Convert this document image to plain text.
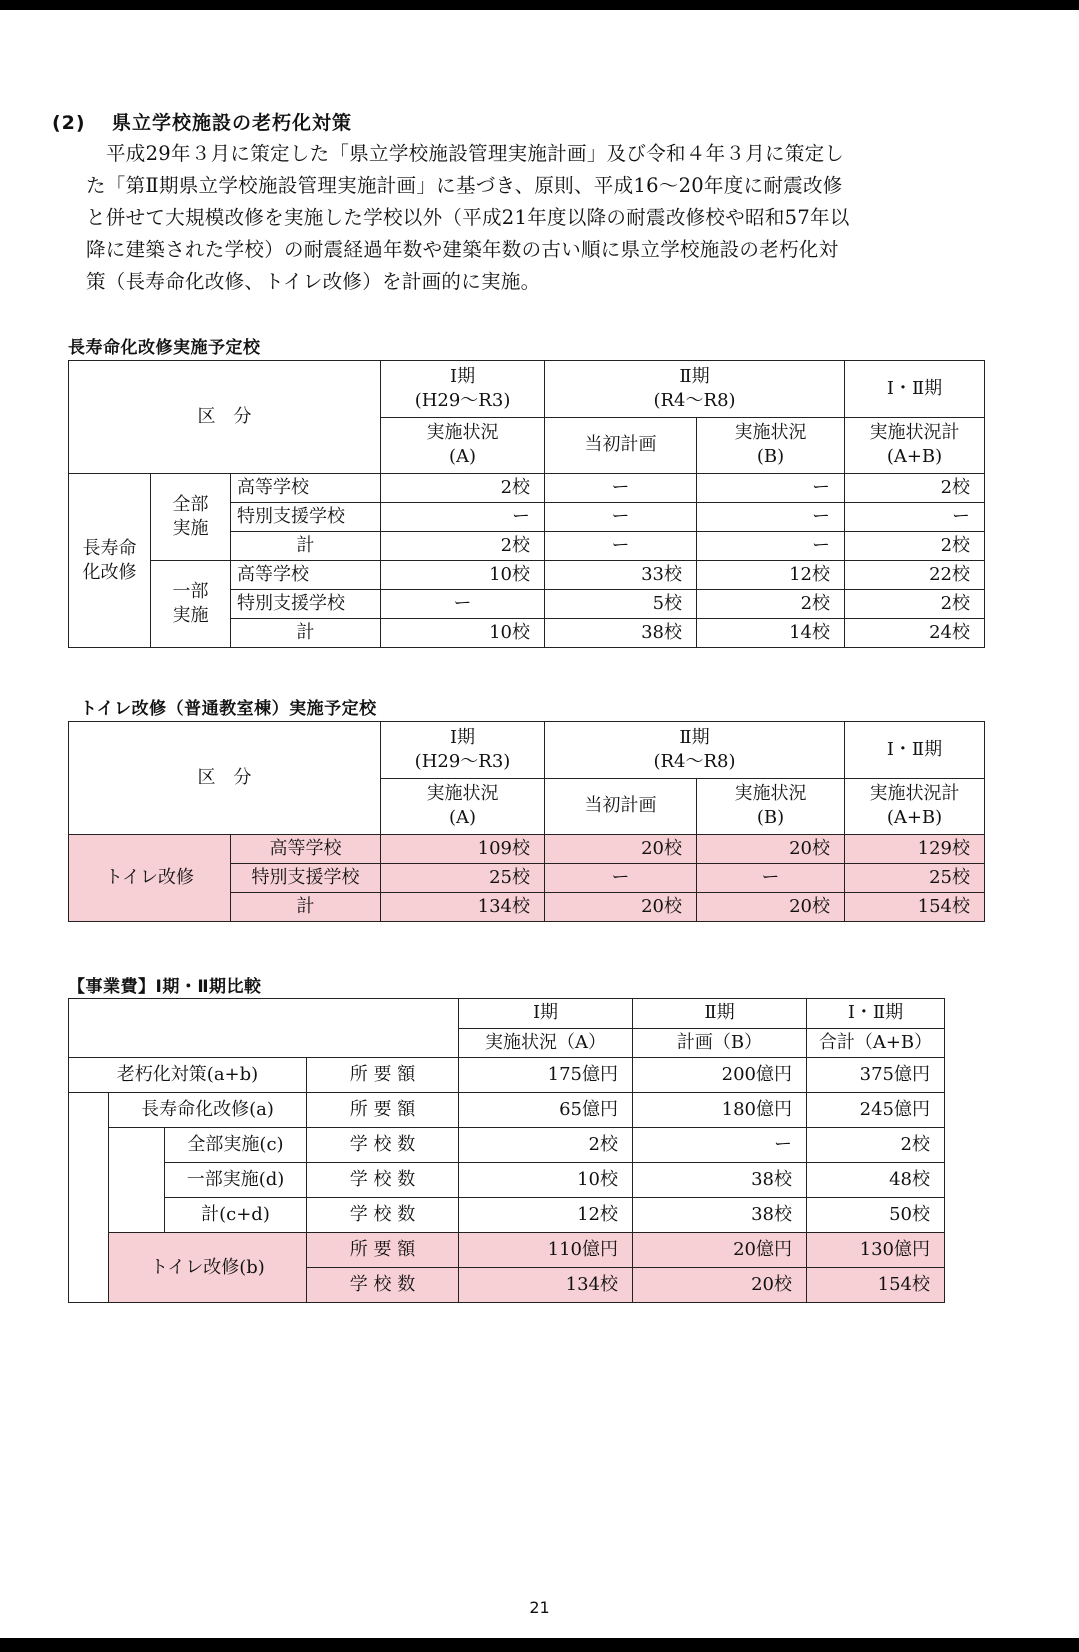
(2) 県立学校施設の老朽化対策

平成29年３月に策定した「県立学校施設管理実施計画」及び令和４年３月に策定し

た「第Ⅱ期県立学校施設管理実施計画」に基づき、原則、平成16～20年度に耐震改修

と併せて大規模改修を実施した学校以外（平成21年度以降の耐震改修校や昭和57年以

降に建築された学校）の耐震経過年数や建築年数の古い順に県立学校施設の老朽化対

策（長寿命化改修、トイレ改修）を計画的に実施。

長寿命化改修実施予定校
区　分			Ⅰ期
(H29～R3)	Ⅱ期
(R4～R8)		Ⅰ・Ⅱ期

			実施状況
(A)	当初計画	実施状況
(B)	実施状況計
(A+B)

長寿命
化改修	全部
実施	高等学校	2校	ー	ー	2校
		特別支援学校	ー	ー	ー	ー
		計	2校	ー	ー	2校

	一部
実施	高等学校	10校	33校	12校	22校
		特別支援学校	ー	5校	2校	2校
		計	10校	38校	14校	24校
トイレ改修（普通教室棟）実施予定校
区　分		Ⅰ期
(H29～R3)	Ⅱ期
(R4～R8)		Ⅰ・Ⅱ期

		実施状況
(A)	当初計画	実施状況
(B)	実施状況計
(A+B)

トイレ改修	高等学校	109校	20校	20校	129校
	特別支援学校	25校	ー	ー	25校
	計	134校	20校	20校	154校
【事業費】Ⅰ期・Ⅱ期比較
				Ⅰ期	Ⅱ期	Ⅰ・Ⅱ期
				実施状況（A）	計画（B）	合計（A+B）
老朽化対策(a+b)			所 要 額	175億円	200億円	375億円
	長寿命化改修(a)		所 要 額	65億円	180億円	245億円
		全部実施(c)	学 校 数	2校	ー	2校
		一部実施(d)	学 校 数	10校	38校	48校
		計(c+d)	学 校 数	12校	38校	50校
	トイレ改修(b)		所 要 額	110億円	20億円	130億円
			学 校 数	134校	20校	154校
21
